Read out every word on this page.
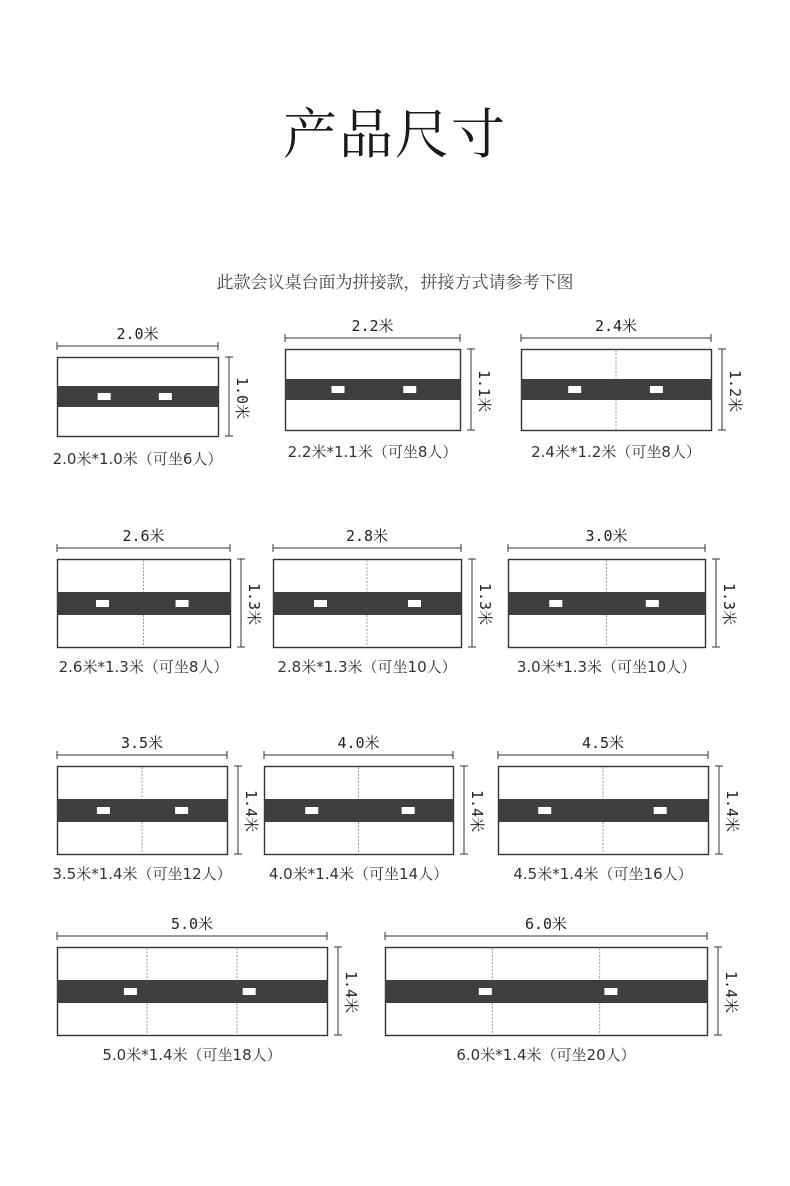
产品尺寸
此款会议桌台面为拼接款，拼接方式请参考下图
2.0米
1.0米
2.0米*1.0米（可坐6人）
2.2米
1.1米
2.2米*1.1米（可坐8人）
2.4米
1.2米
2.4米*1.2米（可坐8人）
2.6米
1.3米
2.6米*1.3米（可坐8人）
2.8米
1.3米
2.8米*1.3米（可坐10人）
3.0米
1.3米
3.0米*1.3米（可坐10人）
3.5米
1.4米
3.5米*1.4米（可坐12人）
4.0米
1.4米
4.0米*1.4米（可坐14人）
4.5米
1.4米
4.5米*1.4米（可坐16人）
5.0米
1.4米
5.0米*1.4米（可坐18人）
6.0米
1.4米
6.0米*1.4米（可坐20人）
